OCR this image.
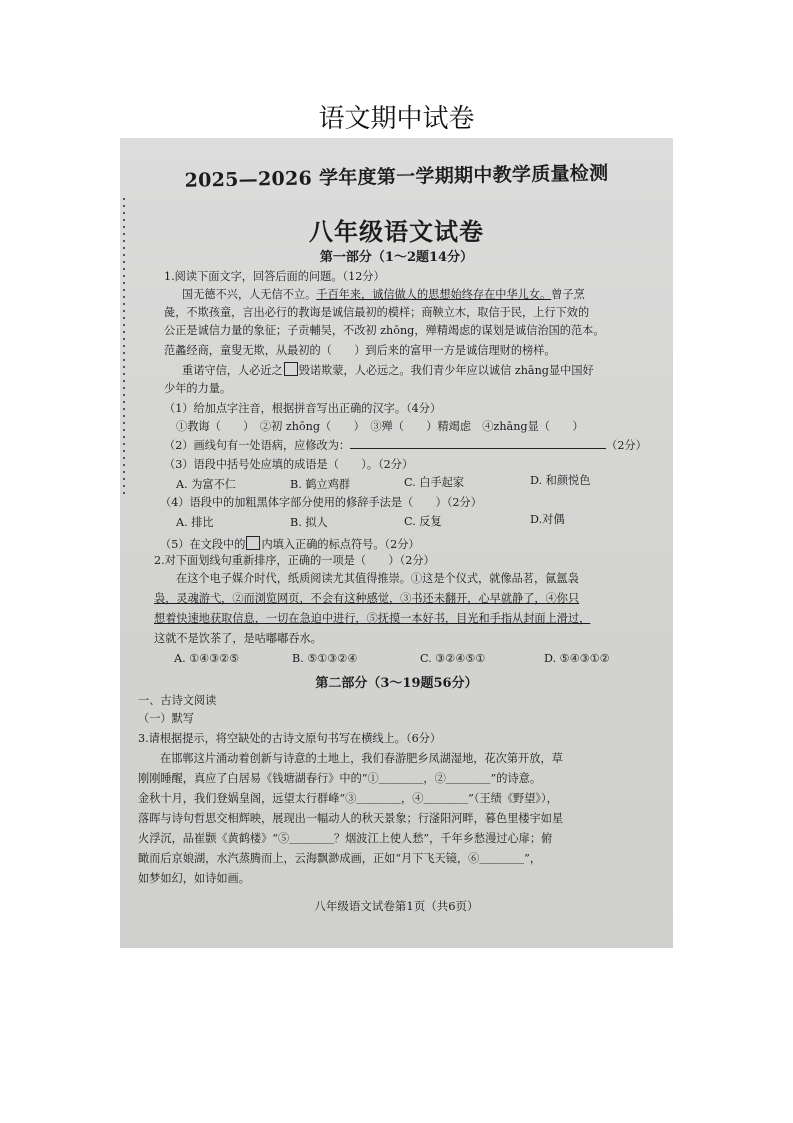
语文期中试卷
2025—2026 学年度第一学期期中教学质量检测
八年级语文试卷
第一部分（1～2题14分）
1.阅读下面文字，回答后面的问题。（12分）
国无德不兴，人无信不立。千百年来，诚信做人的思想始终存在中华儿女。曾子烹
彘，不欺孩童，言出必行的教诲是诚信最初的模样；商鞅立木，取信于民，上行下效的
公正是诚信力量的象征；子贡輔吴，不改初 zhōng，殚精竭虑的谋划是诚信治国的范本。
范蠡经商，童叟无欺，从最初的（　　）到后来的富甲一方是诚信理财的榜样。
重诺守信，人必近之 毁诺欺蒙，人必远之。我们青少年应以诚信 zhāng显中国好
少年的力量。
（1）给加点字注音，根据拼音写出正确的汉字。（4分）
①教诲（　　）　②初 zhōng（　　）　③殚（　　）精竭虑　④zhāng显（　　）
（2）画线句有一处语病，应修改为：	（2分）
（3）语段中括号处应填的成语是（　　）。（2分）
A. 为富不仁	B. 鹤立鸡群	C. 白手起家	D. 和颜悦色
（4）语段中的加粗黑体字部分使用的修辞手法是（　　）（2分）
A. 排比	B. 拟人	C. 反复	D.对偶
（5）在文段中的 内填入正确的标点符号。（2分）
2.对下面划线句重新排序，正确的一项是（　　）（2分）
在这个电子媒介时代，纸质阅读尤其值得推崇。①这是个仪式，就像品茗，氤氲袅
袅，灵魂游弋，②而浏览网页，不会有这种感觉，③书还未翻开，心早就静了，④你只
想着快速地获取信息，一切在急迫中进行，⑤抚摸一本好书，目光和手指从封面上滑过，
这就不是饮茶了，是咕嘟嘟吞水。
A. ①④③②⑤	B. ⑤①③②④	C. ③②④⑤①	D. ⑤④③①②
第二部分（3～19题56分）
一、古诗文阅读
（一）默写
3.请根据提示，将空缺处的古诗文原句书写在横线上。（6分）
在邯郸这片涌动着创新与诗意的土地上，我们春游肥乡凤湖湿地，花次第开放，草
刚刚睡醒，真应了白居易《钱塘湖春行》中的“①＿＿＿＿，②＿＿＿＿”的诗意。
金秋十月，我们登娲皇阁，远望太行群峰“③＿＿＿＿，④＿＿＿＿”（王绩《野望》），
落晖与诗句哲思交相辉映，展现出一幅动人的秋天景象；行滏阳河畔，暮色里楼宇如星
火浮沉，品崔颢《黄鹤楼》“⑤＿＿＿＿？烟波江上使人愁”，千年乡愁漫过心扉；俯
瞰而后京娘湖，水汽蒸腾而上，云海飘渺成画，正如“月下飞天镜，⑥＿＿＿＿”，
如梦如幻，如诗如画。
八年级语文试卷第1页（共6页）
